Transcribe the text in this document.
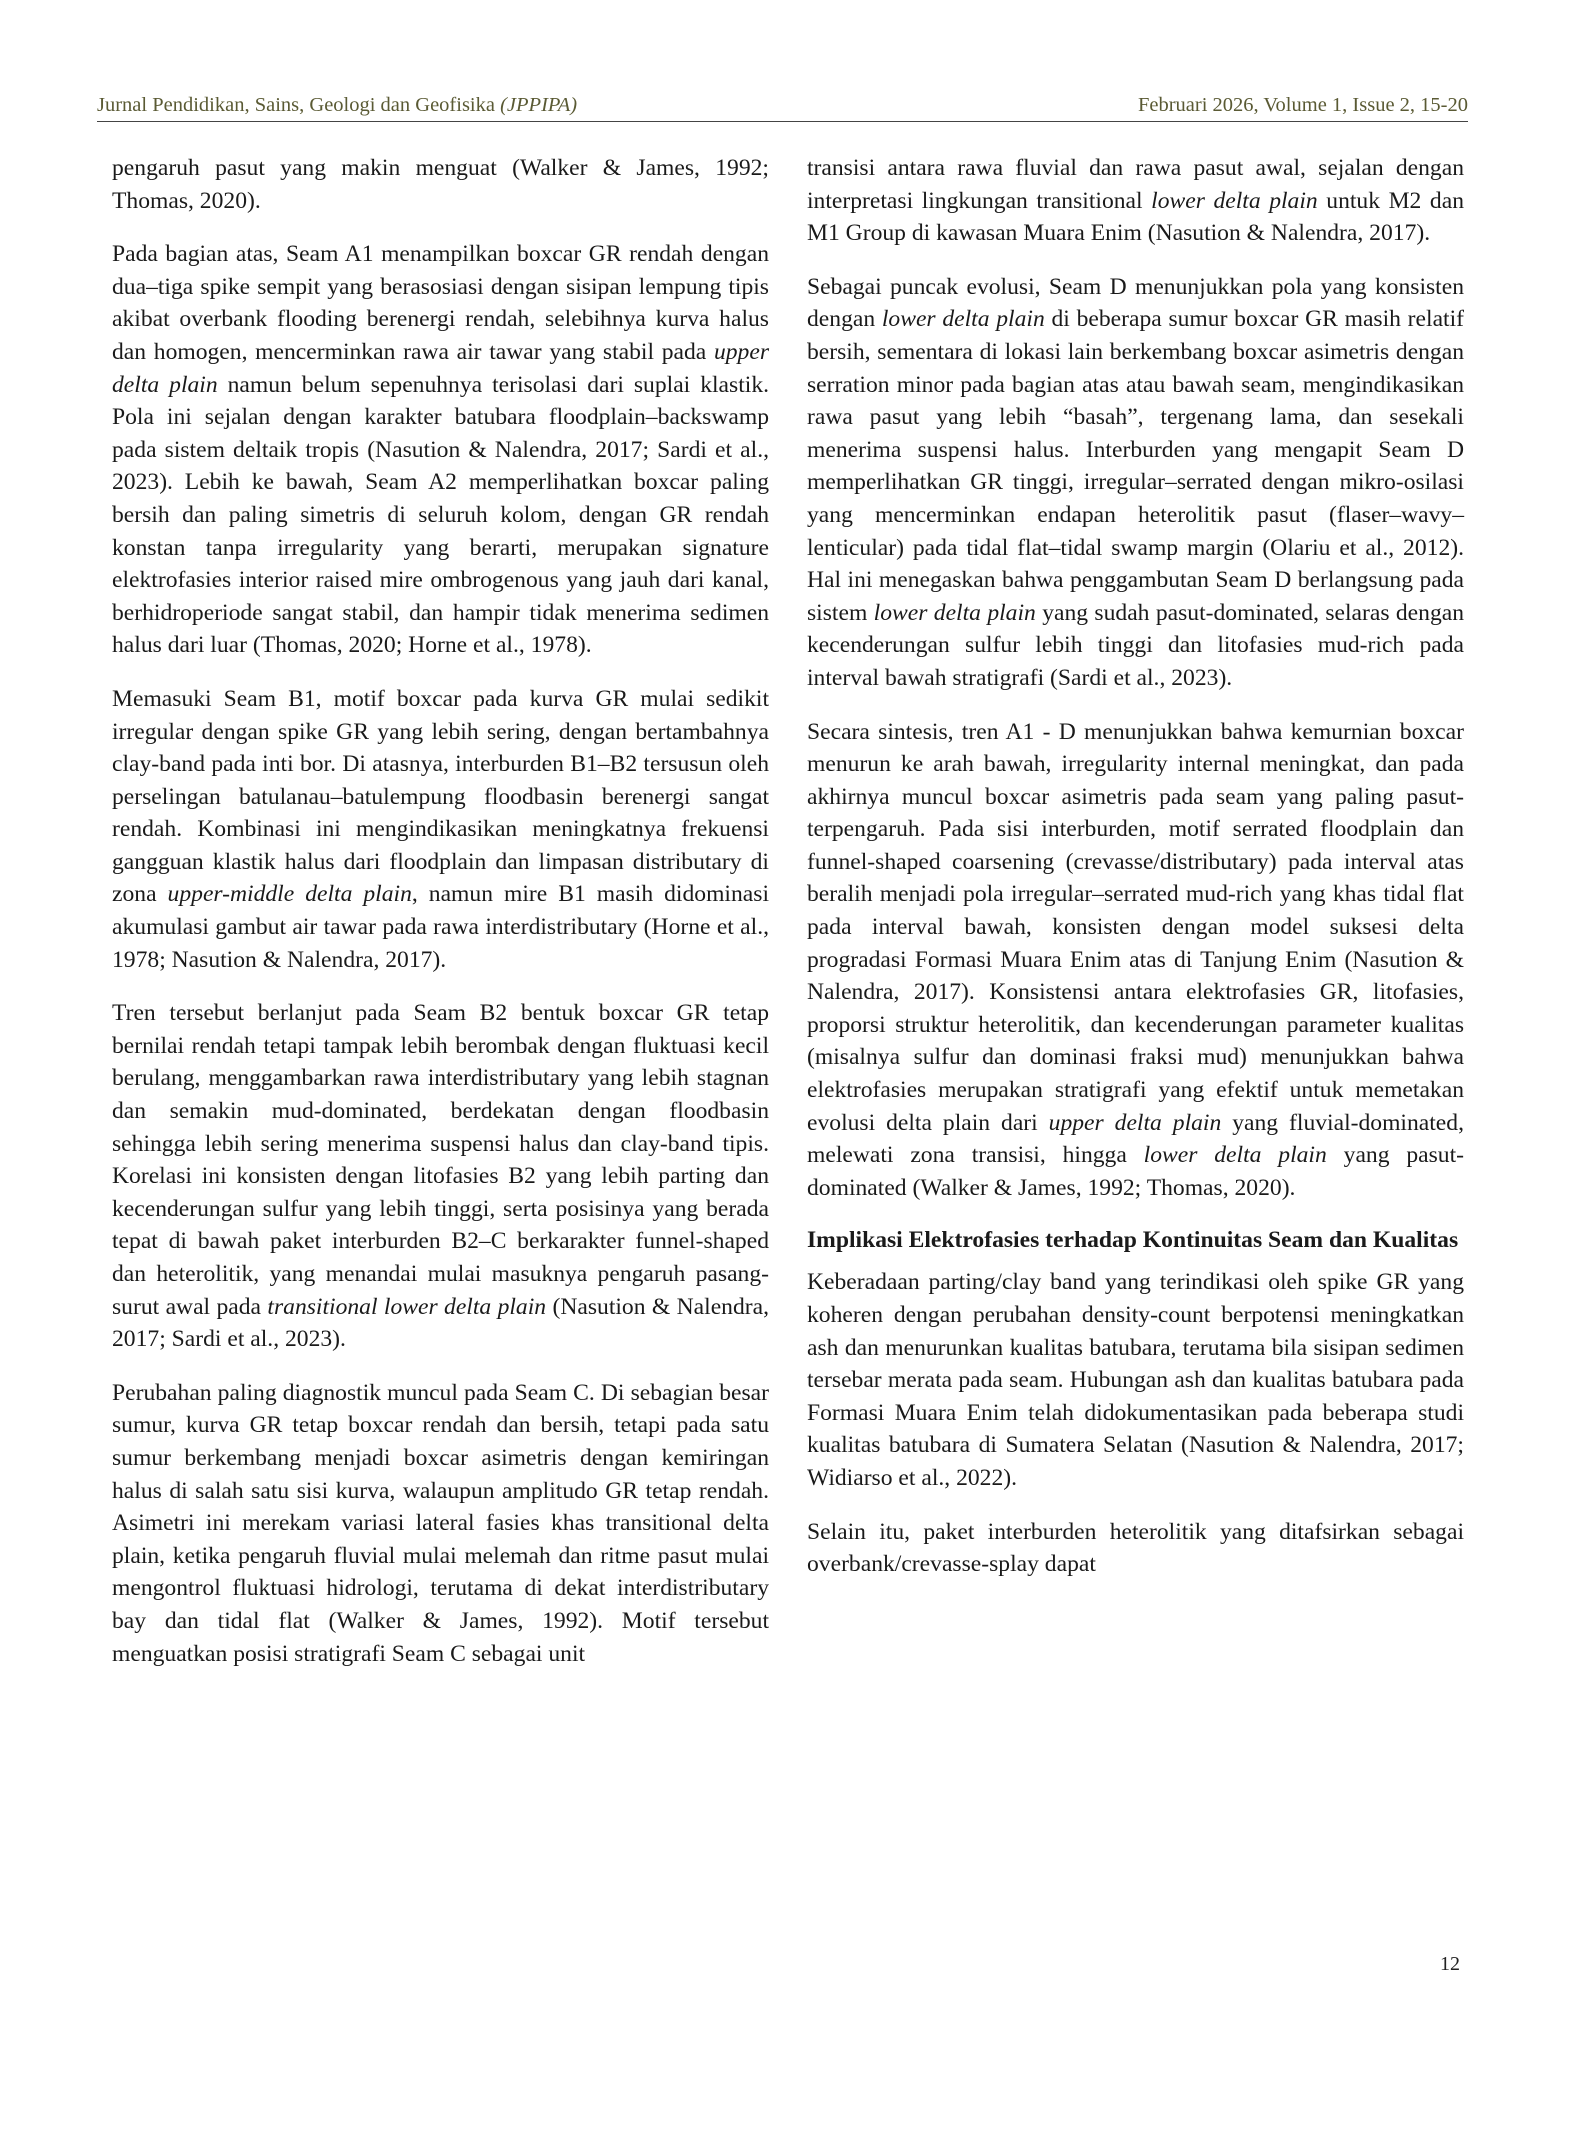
Jurnal Pendidikan, Sains, Geologi dan Geofisika (JPPIPA)	Februari 2026, Volume 1, Issue 2, 15-20

pengaruh pasut yang makin menguat (Walker & James, 1992; Thomas, 2020).

Pada bagian atas, Seam A1 menampilkan boxcar GR rendah dengan dua–tiga spike sempit yang berasosiasi dengan sisipan lempung tipis akibat overbank flooding berenergi rendah, selebihnya kurva halus dan homogen, mencerminkan rawa air tawar yang stabil pada upper delta plain namun belum sepenuhnya terisolasi dari suplai klastik. Pola ini sejalan dengan karakter batubara floodplain–backswamp pada sistem deltaik tropis (Nasution & Nalendra, 2017; Sardi et al., 2023). Lebih ke bawah, Seam A2 memperlihatkan boxcar paling bersih dan paling simetris di seluruh kolom, dengan GR rendah konstan tanpa irregularity yang berarti, merupakan signature elektrofasies interior raised mire ombrogenous yang jauh dari kanal, berhidroperiode sangat stabil, dan hampir tidak menerima sedimen halus dari luar (Thomas, 2020; Horne et al., 1978).

Memasuki Seam B1, motif boxcar pada kurva GR mulai sedikit irregular dengan spike GR yang lebih sering, dengan bertambahnya clay-band pada inti bor. Di atasnya, interburden B1–B2 tersusun oleh perselingan batulanau–batulempung floodbasin berenergi sangat rendah. Kombinasi ini mengindikasikan meningkatnya frekuensi gangguan klastik halus dari floodplain dan limpasan distributary di zona upper-middle delta plain, namun mire B1 masih didominasi akumulasi gambut air tawar pada rawa interdistributary (Horne et al., 1978; Nasution & Nalendra, 2017).

Tren tersebut berlanjut pada Seam B2 bentuk boxcar GR tetap bernilai rendah tetapi tampak lebih berombak dengan fluktuasi kecil berulang, menggambarkan rawa interdistributary yang lebih stagnan dan semakin mud-dominated, berdekatan dengan floodbasin sehingga lebih sering menerima suspensi halus dan clay-band tipis. Korelasi ini konsisten dengan litofasies B2 yang lebih parting dan kecenderungan sulfur yang lebih tinggi, serta posisinya yang berada tepat di bawah paket interburden B2–C berkarakter funnel-shaped dan heterolitik, yang menandai mulai masuknya pengaruh pasang-surut awal pada transitional lower delta plain (Nasution & Nalendra, 2017; Sardi et al., 2023).

Perubahan paling diagnostik muncul pada Seam C. Di sebagian besar sumur, kurva GR tetap boxcar rendah dan bersih, tetapi pada satu sumur berkembang menjadi boxcar asimetris dengan kemiringan halus di salah satu sisi kurva, walaupun amplitudo GR tetap rendah. Asimetri ini merekam variasi lateral fasies khas transitional delta plain, ketika pengaruh fluvial mulai melemah dan ritme pasut mulai mengontrol fluktuasi hidrologi, terutama di dekat interdistributary bay dan tidal flat (Walker & James, 1992). Motif tersebut menguatkan posisi stratigrafi Seam C sebagai unit

transisi antara rawa fluvial dan rawa pasut awal, sejalan dengan interpretasi lingkungan transitional lower delta plain untuk M2 dan M1 Group di kawasan Muara Enim (Nasution & Nalendra, 2017).

Sebagai puncak evolusi, Seam D menunjukkan pola yang konsisten dengan lower delta plain di beberapa sumur boxcar GR masih relatif bersih, sementara di lokasi lain berkembang boxcar asimetris dengan serration minor pada bagian atas atau bawah seam, mengindikasikan rawa pasut yang lebih “basah”, tergenang lama, dan sesekali menerima suspensi halus. Interburden yang mengapit Seam D memperlihatkan GR tinggi, irregular–serrated dengan mikro-osilasi yang mencerminkan endapan heterolitik pasut (flaser–wavy–lenticular) pada tidal flat–tidal swamp margin (Olariu et al., 2012). Hal ini menegaskan bahwa penggambutan Seam D berlangsung pada sistem lower delta plain yang sudah pasut-dominated, selaras dengan kecenderungan sulfur lebih tinggi dan litofasies mud-rich pada interval bawah stratigrafi (Sardi et al., 2023).

Secara sintesis, tren A1 - D menunjukkan bahwa kemurnian boxcar menurun ke arah bawah, irregularity internal meningkat, dan pada akhirnya muncul boxcar asimetris pada seam yang paling pasut-terpengaruh. Pada sisi interburden, motif serrated floodplain dan funnel-shaped coarsening (crevasse/distributary) pada interval atas beralih menjadi pola irregular–serrated mud-rich yang khas tidal flat pada interval bawah, konsisten dengan model suksesi delta progradasi Formasi Muara Enim atas di Tanjung Enim (Nasution & Nalendra, 2017). Konsistensi antara elektrofasies GR, litofasies, proporsi struktur heterolitik, dan kecenderungan parameter kualitas (misalnya sulfur dan dominasi fraksi mud) menunjukkan bahwa elektrofasies merupakan stratigrafi yang efektif untuk memetakan evolusi delta plain dari upper delta plain yang fluvial-dominated, melewati zona transisi, hingga lower delta plain yang pasut-dominated (Walker & James, 1992; Thomas, 2020).

Implikasi Elektrofasies terhadap Kontinuitas Seam dan Kualitas

Keberadaan parting/clay band yang terindikasi oleh spike GR yang koheren dengan perubahan density-count berpotensi meningkatkan ash dan menurunkan kualitas batubara, terutama bila sisipan sedimen tersebar merata pada seam. Hubungan ash dan kualitas batubara pada Formasi Muara Enim telah didokumentasikan pada beberapa studi kualitas batubara di Sumatera Selatan (Nasution & Nalendra, 2017; Widiarso et al., 2022).

Selain itu, paket interburden heterolitik yang ditafsirkan sebagai overbank/crevasse-splay dapat

12
